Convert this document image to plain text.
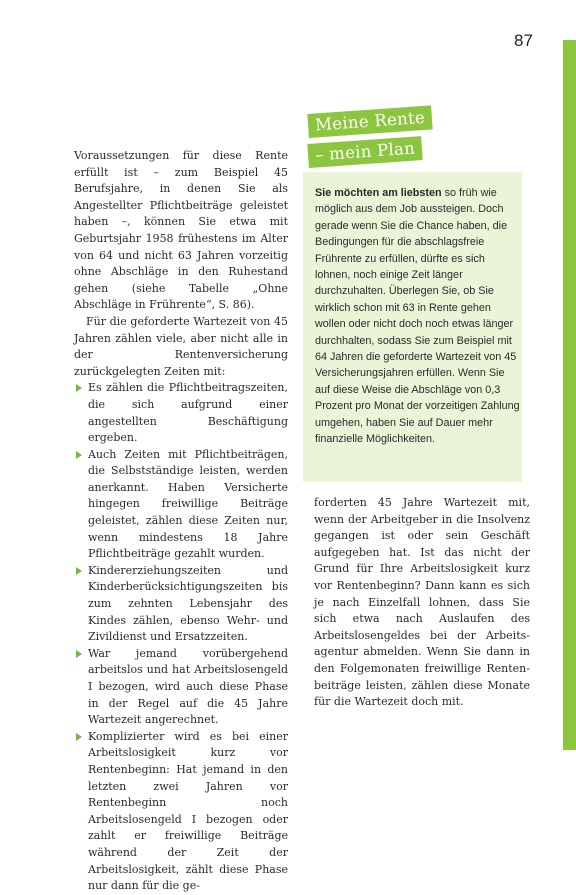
87

Voraussetzungen für diese Rente erfüllt ist – zum Beispiel 45 Berufsjahre, in denen Sie als Angestellter Pflichtbeiträge geleistet haben –, können Sie etwa mit Geburtsjahr 1958 frühestens im Alter von 64 und nicht 63 Jahren vorzeitig ohne Abschläge in den Ruhestand gehen (siehe Tabelle „Ohne Abschläge in Frührente“, S. 86).

Für die geforderte Wartezeit von 45 Jahren zählen viele, aber nicht alle in der Rentenversicherung zurückgelegten Zeiten mit:

Es zählen die Pflichtbeitragszeiten, die sich aufgrund einer angestellten Beschäftigung ergeben.
Auch Zeiten mit Pflichtbeiträgen, die Selbstständige leisten, werden anerkannt. Haben Versicherte hingegen freiwillige Beiträge geleistet, zählen diese Zeiten nur, wenn mindestens 18 Jahre Pflichtbeiträge gezahlt wurden.
Kindererziehungszeiten und Kinderberücksichtigungszeiten bis zum zehnten Lebensjahr des Kindes zählen, ebenso Wehr- und Zivildienst und Ersatzzeiten.
War jemand vorübergehend arbeitslos und hat Arbeitslosengeld I bezogen, wird auch diese Phase in der Regel auf die 45 Jahre Wartezeit angerechnet.
Komplizierter wird es bei einer Arbeitslosigkeit kurz vor Rentenbeginn: Hat jemand in den letzten zwei Jahren vor Rentenbeginn noch Arbeitslosengeld I bezogen oder zahlt er freiwillige Beiträge während der Zeit der Arbeitslosigkeit, zählt diese Phase nur dann für die ge-

Sie möchten am liebsten so früh wie möglich aus dem Job aussteigen. Doch gerade wenn Sie die Chance haben, die Bedingungen für die abschlagsfreie Frührente zu erfüllen, dürfte es sich lohnen, noch einige Zeit länger durchzuhalten. Überlegen Sie, ob Sie wirklich schon mit 63 in Rente gehen wollen oder nicht doch noch etwas länger durchhalten, sodass Sie zum Beispiel mit 64 Jahren die geforderte Wartezeit von 45 Versicherungsjahren erfüllen. Wenn Sie auf diese Weise die Abschläge von 0,3 Prozent pro Monat der vorzeitigen Zahlung umgehen, haben Sie auf Dauer mehr finanzielle Möglichkeiten.

Meine Rente
– mein Plan

forderten 45 Jahre Wartezeit mit, wenn der Arbeitgeber in die Insolvenz gegangen ist oder sein Geschäft aufgegeben hat. Ist das nicht der Grund für Ihre Arbeitslosigkeit kurz vor Rentenbeginn? Dann kann es sich je nach Einzelfall lohnen, dass Sie sich etwa nach Auslaufen des Arbeitslosengeldes bei der Arbeitsagentur abmelden. Wenn Sie dann in den Folgemonaten freiwillige Rentenbeiträge leisten, zählen diese Monate für die Wartezeit doch mit.
